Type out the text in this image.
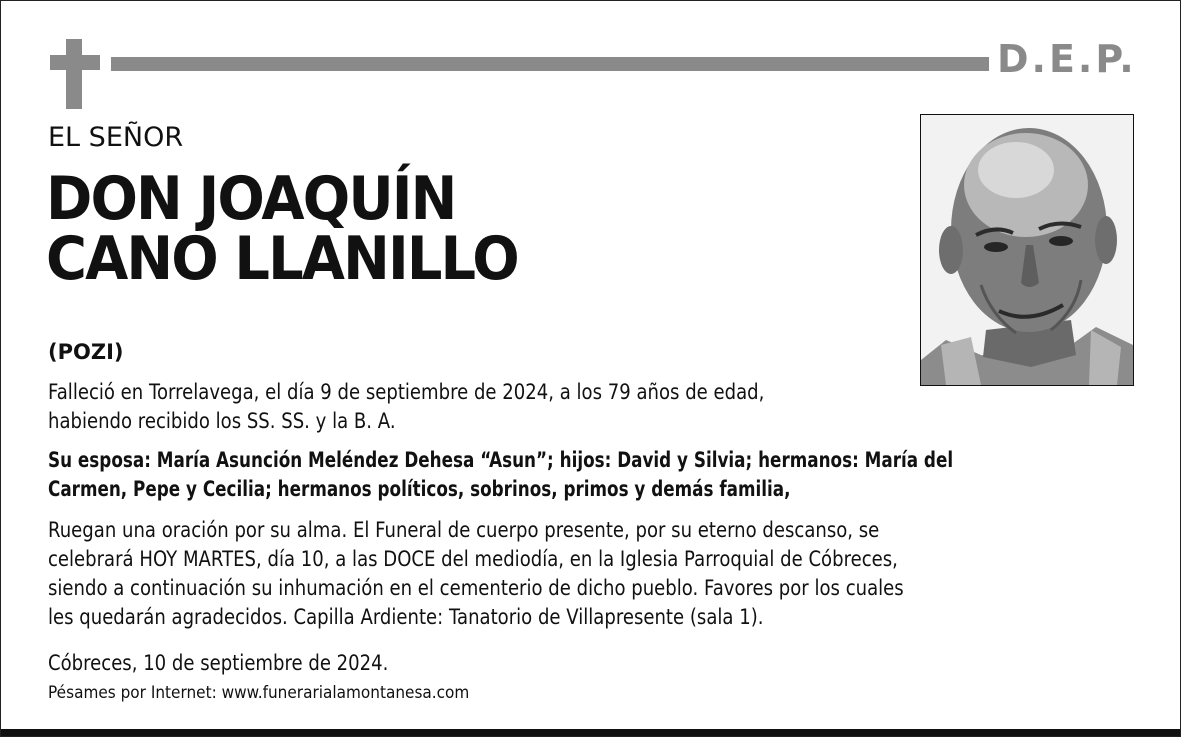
D.E.P.
EL SEÑOR
DON JOAQUÍN
CANO LLANILLO
(POZI)
Falleció en Torrelavega, el día 9 de septiembre de 2024, a los 79 años de edad,
habiendo recibido los SS. SS. y la B. A.
Su esposa: María Asunción Meléndez Dehesa “Asun”; hijos: David y Silvia; hermanos: María del
Carmen, Pepe y Cecilia; hermanos políticos, sobrinos, primos y demás familia,
Ruegan una oración por su alma. El Funeral de cuerpo presente, por su eterno descanso, se
celebrará HOY MARTES, día 10, a las DOCE del mediodía, en la Iglesia Parroquial de Cóbreces,
siendo a continuación su inhumación en el cementerio de dicho pueblo. Favores por los cuales
les quedarán agradecidos. Capilla Ardiente: Tanatorio de Villapresente (sala 1).
Cóbreces, 10 de septiembre de 2024.
Pésames por Internet: www.funerarialamontanesa.com
